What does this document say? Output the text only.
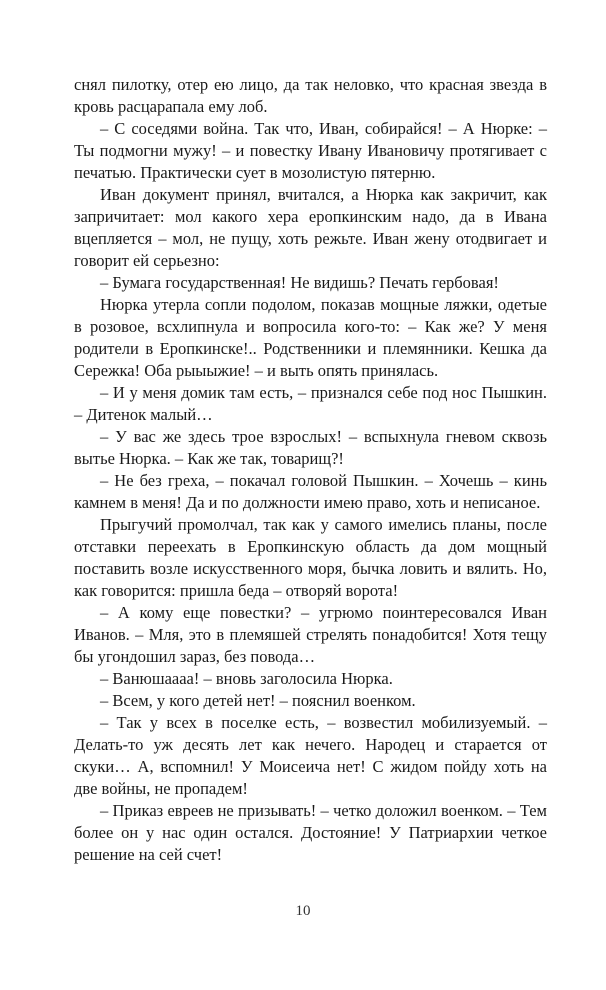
снял пилотку, отер ею лицо, да так неловко, что красная звезда в кровь расцарапала ему лоб.

– С соседями война. Так что, Иван, собирайся! – А Нюрке: – Ты подмогни мужу! – и повестку Ивану Ивановичу протягивает с печатью. Практически сует в мозолистую пятерню.

Иван документ принял, вчитался, а Нюрка как закричит, как запричитает: мол какого хера еропкинским надо, да в Ивана вцепляется – мол, не пущу, хоть режьте. Иван жену отодвигает и говорит ей серьезно:

– Бумага государственная! Не видишь? Печать гербовая!

Нюрка утерла сопли подолом, показав мощные ляжки, одетые в розовое, всхлипнула и вопросила кого-то: – Как же? У меня родители в Еропкинске!.. Родственники и племянники. Кешка да Сережка! Оба рыыыжие! – и выть опять принялась.

– И у меня домик там есть, – признался себе под нос Пышкин. – Дитенок малый…

– У вас же здесь трое взрослых! – вспыхнула гневом сквозь вытье Нюрка. – Как же так, товарищ?!

– Не без греха, – покачал головой Пышкин. – Хочешь – кинь камнем в меня! Да и по должности имею право, хоть и неписаное.

Прыгучий промолчал, так как у самого имелись планы, после отставки переехать в Еропкинскую область да дом мощный поставить возле искусственного моря, бычка ловить и вялить. Но, как говорится: пришла беда – отворяй ворота!

– А кому еще повестки? – угрюмо поинтересовался Иван Иванов. – Мля, это в племяшей стрелять понадобится! Хотя тещу бы угондошил зараз, без повода…

– Ванюшаааа! – вновь заголосила Нюрка.

– Всем, у кого детей нет! – пояснил военком.

– Так у всех в поселке есть, – возвестил мобилизуемый. – Делать-то уж десять лет как нечего. Народец и старается от скуки… А, вспомнил! У Моисеича нет! С жидом пойду хоть на две войны, не пропадем!

– Приказ евреев не призывать! – четко доложил военком. – Тем более он у нас один остался. Достояние! У Патриархии четкое решение на сей счет!

10
